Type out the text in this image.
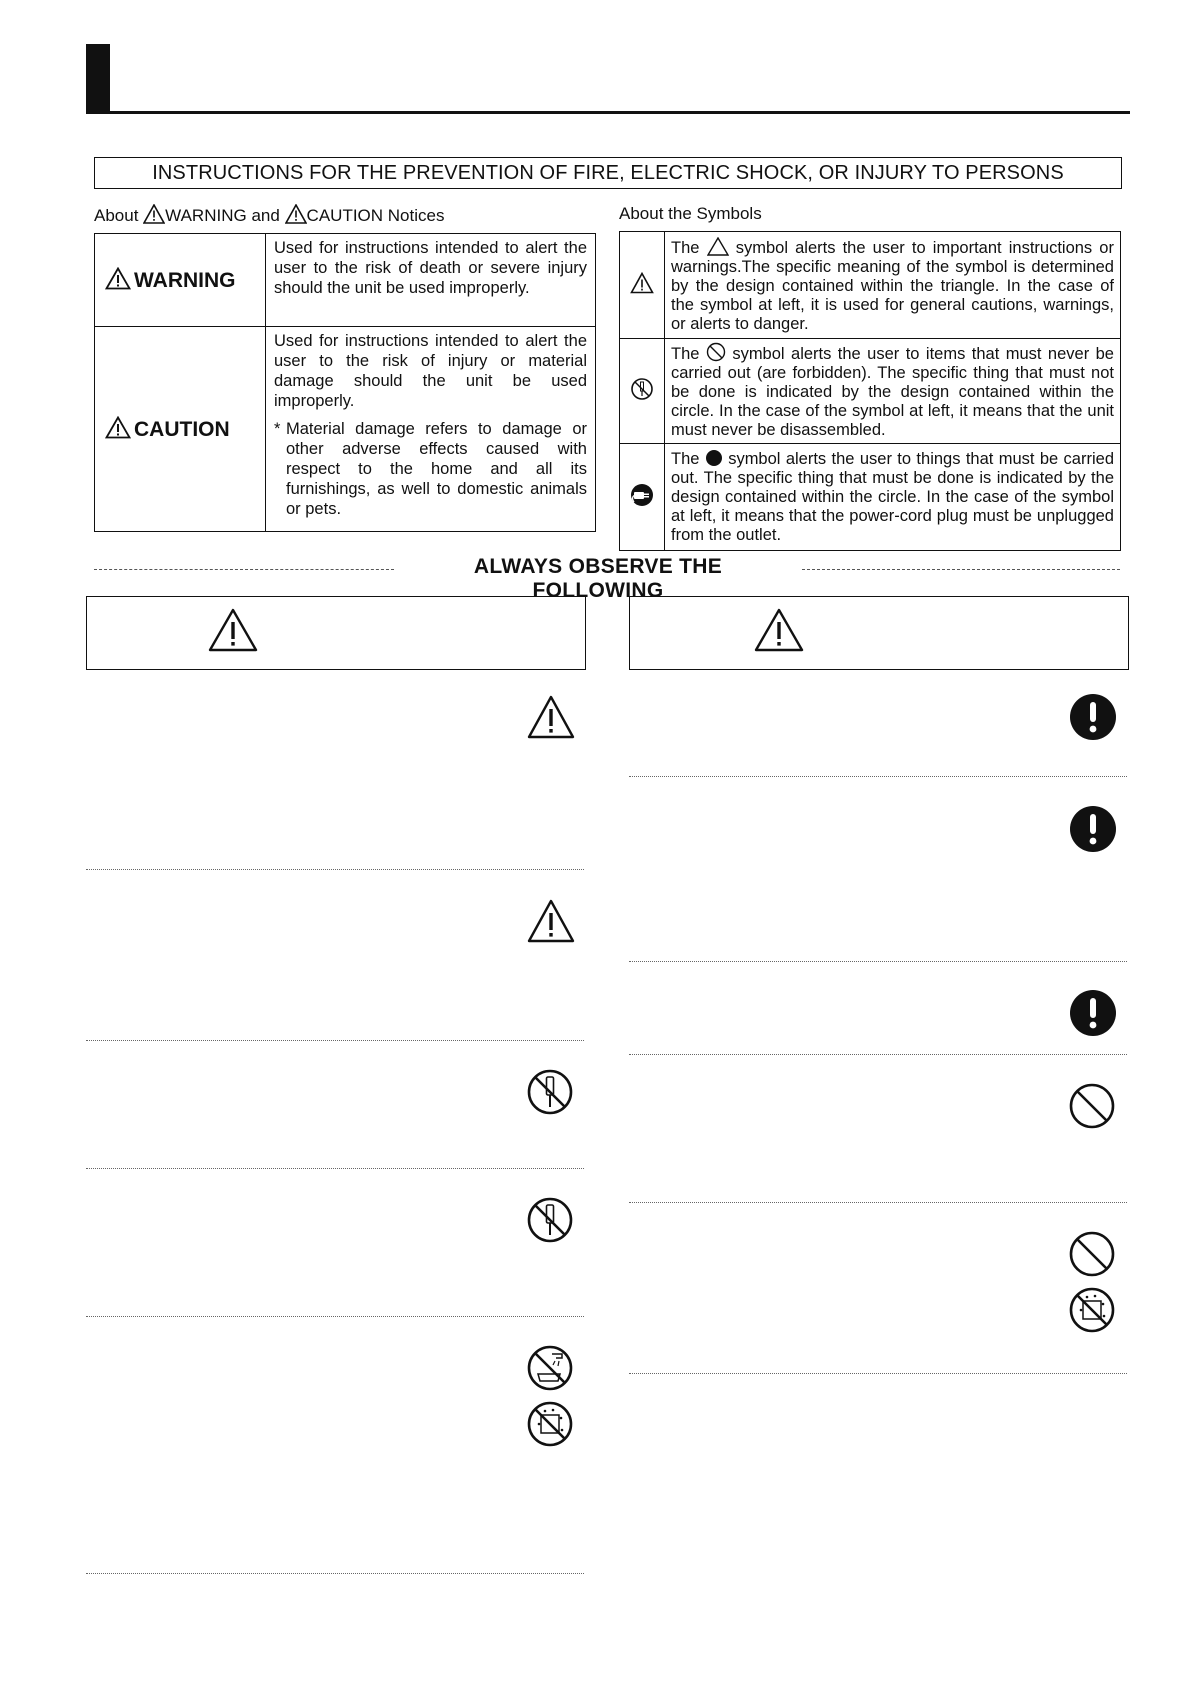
INSTRUCTIONS FOR THE PREVENTION OF FIRE, ELECTRIC SHOCK, OR INJURY TO PERSONS
About WARNING and CAUTION Notices
WARNING	Used for instructions intended to alert the user to the risk of death or severe injury should the unit be used improperly.

CAUTION	Used for instructions intended to alert the user to the risk of injury or material damage should the unit be used improperly.
* Material damage refers to damage or other adverse effects caused with respect to the home and all its furnishings, as well to domestic animals or pets.
About the Symbols

The symbol alerts the user to important instructions or warnings.The specific meaning of the symbol is determined by the design contained within the triangle. In the case of the symbol at left, it is used for general cautions, warnings, or alerts to danger.

The symbol alerts the user to items that must never be carried out (are forbidden). The specific thing that must not be done is indicated by the design contained within the circle. In the case of the symbol at left, it means that the unit must never be disassembled.

The symbol alerts the user to things that must be carried out. The specific thing that must be done is indicated by the design contained within the circle. In the case of the symbol at left, it means that the power-cord plug must be unplugged from the outlet.
ALWAYS OBSERVE THE FOLLOWING
